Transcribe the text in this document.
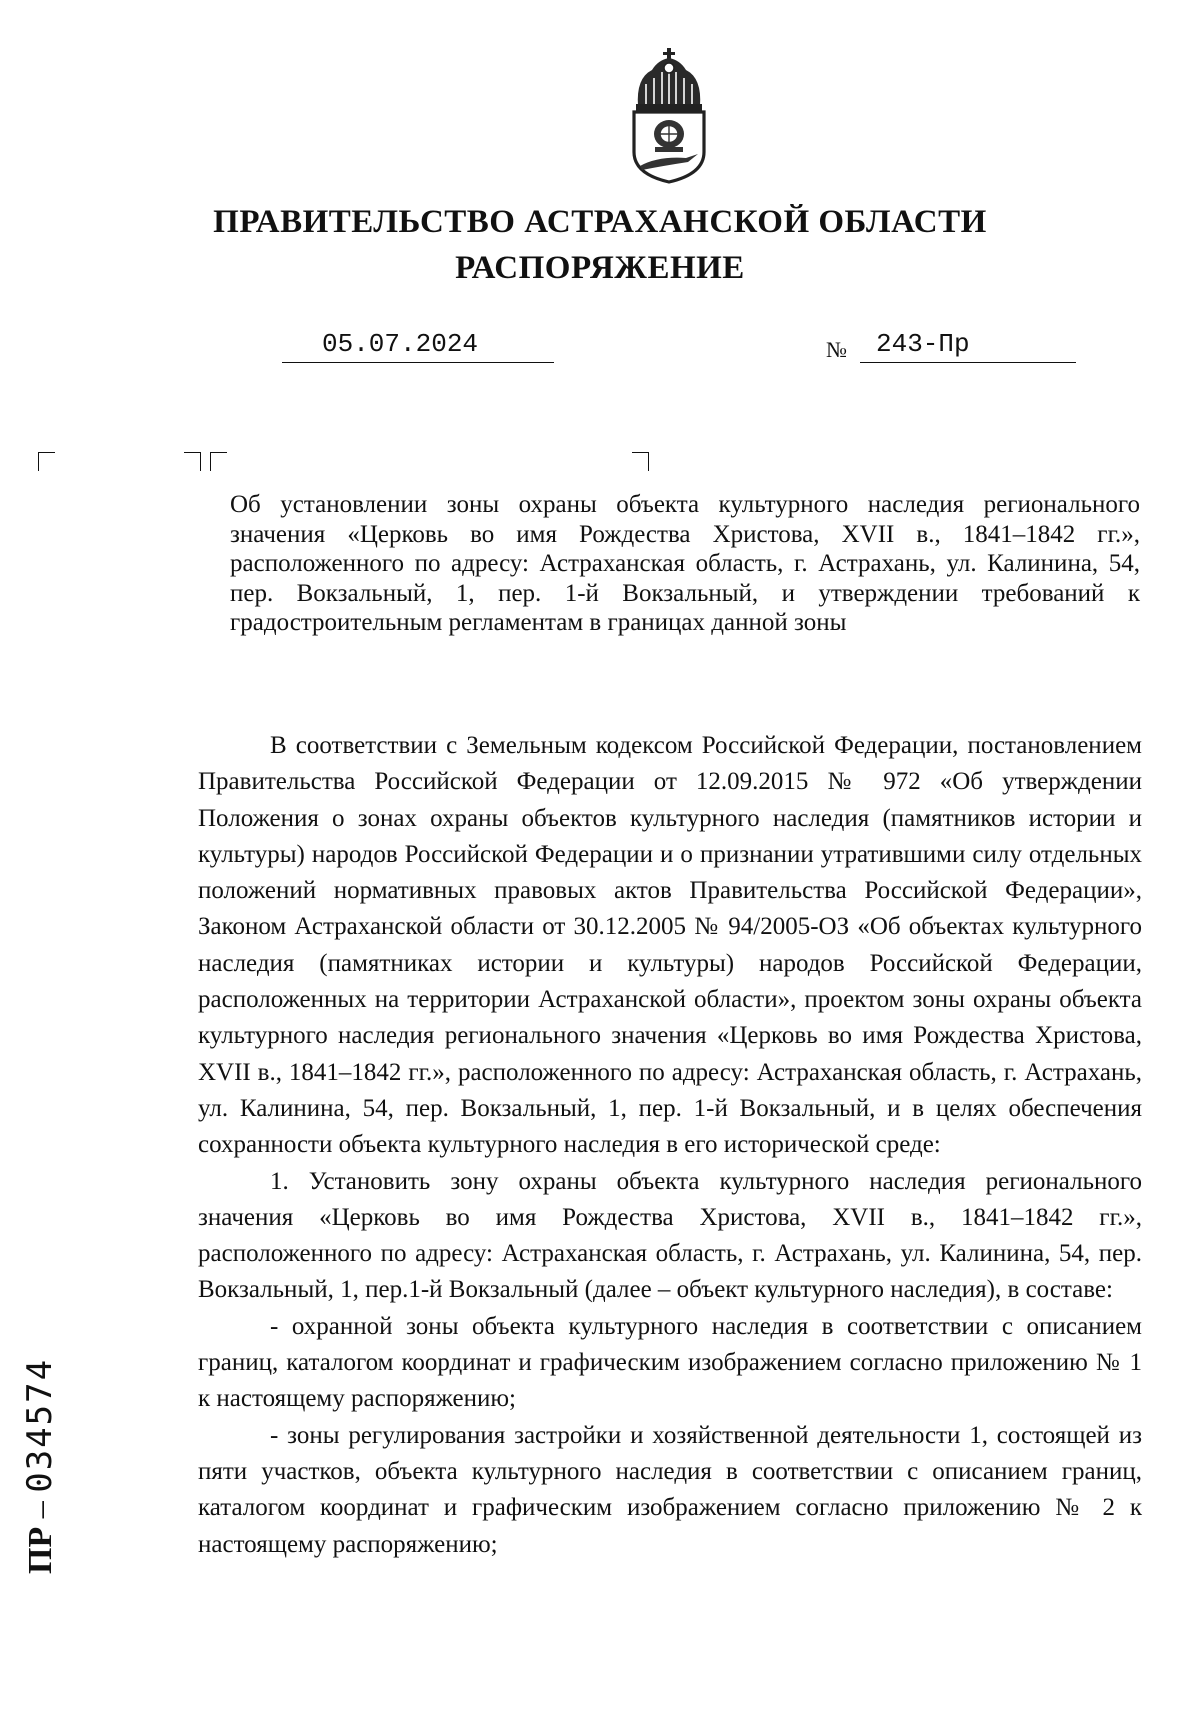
ПРАВИТЕЛЬСТВО АСТРАХАНСКОЙ ОБЛАСТИ
РАСПОРЯЖЕНИЕ
05.07.2024	№ 243-Пр
Об установлении зоны охраны объекта культурного наследия регионального значения «Церковь во имя Рождества Христова, XVII в., 1841–1842 гг.», расположенного по адресу: Астраханская область, г. Астрахань, ул. Калинина, 54, пер. Вокзальный, 1, пер. 1-й Вокзальный, и утверждении требований к градостроительным регламентам в границах данной зоны

В соответствии с Земельным кодексом Российской Федерации, постановлением Правительства Российской Федерации от 12.09.2015 № 972 «Об утверждении Положения о зонах охраны объектов культурного наследия (памятников истории и культуры) народов Российской Федерации и о признании утратившими силу отдельных положений нормативных правовых актов Правительства Российской Федерации», Законом Астраханской области от 30.12.2005 № 94/2005-ОЗ «Об объектах культурного наследия (памятниках истории и культуры) народов Российской Федерации, расположенных на территории Астраханской области», проектом зоны охраны объекта культурного наследия регионального значения «Церковь во имя Рождества Христова, XVII в., 1841–1842 гг.», расположенного по адресу: Астраханская область, г. Астрахань, ул. Калинина, 54, пер. Вокзальный, 1, пер. 1-й Вокзальный, и в целях обеспечения сохранности объекта культурного наследия в его исторической среде:

1. Установить зону охраны объекта культурного наследия регионального значения «Церковь во имя Рождества Христова, XVII в., 1841–1842 гг.», расположенного по адресу: Астраханская область, г. Астрахань, ул. Калинина, 54, пер. Вокзальный, 1, пер.1-й Вокзальный (далее – объект культурного наследия), в составе:

- охранной зоны объекта культурного наследия в соответствии с описанием границ, каталогом координат и графическим изображением согласно приложению № 1 к настоящему распоряжению;

- зоны регулирования застройки и хозяйственной деятельности 1, состоящей из пяти участков, объекта культурного наследия в соответствии с описанием границ, каталогом координат и графическим изображением согласно приложению № 2 к настоящему распоряжению;

ПР – 034574
